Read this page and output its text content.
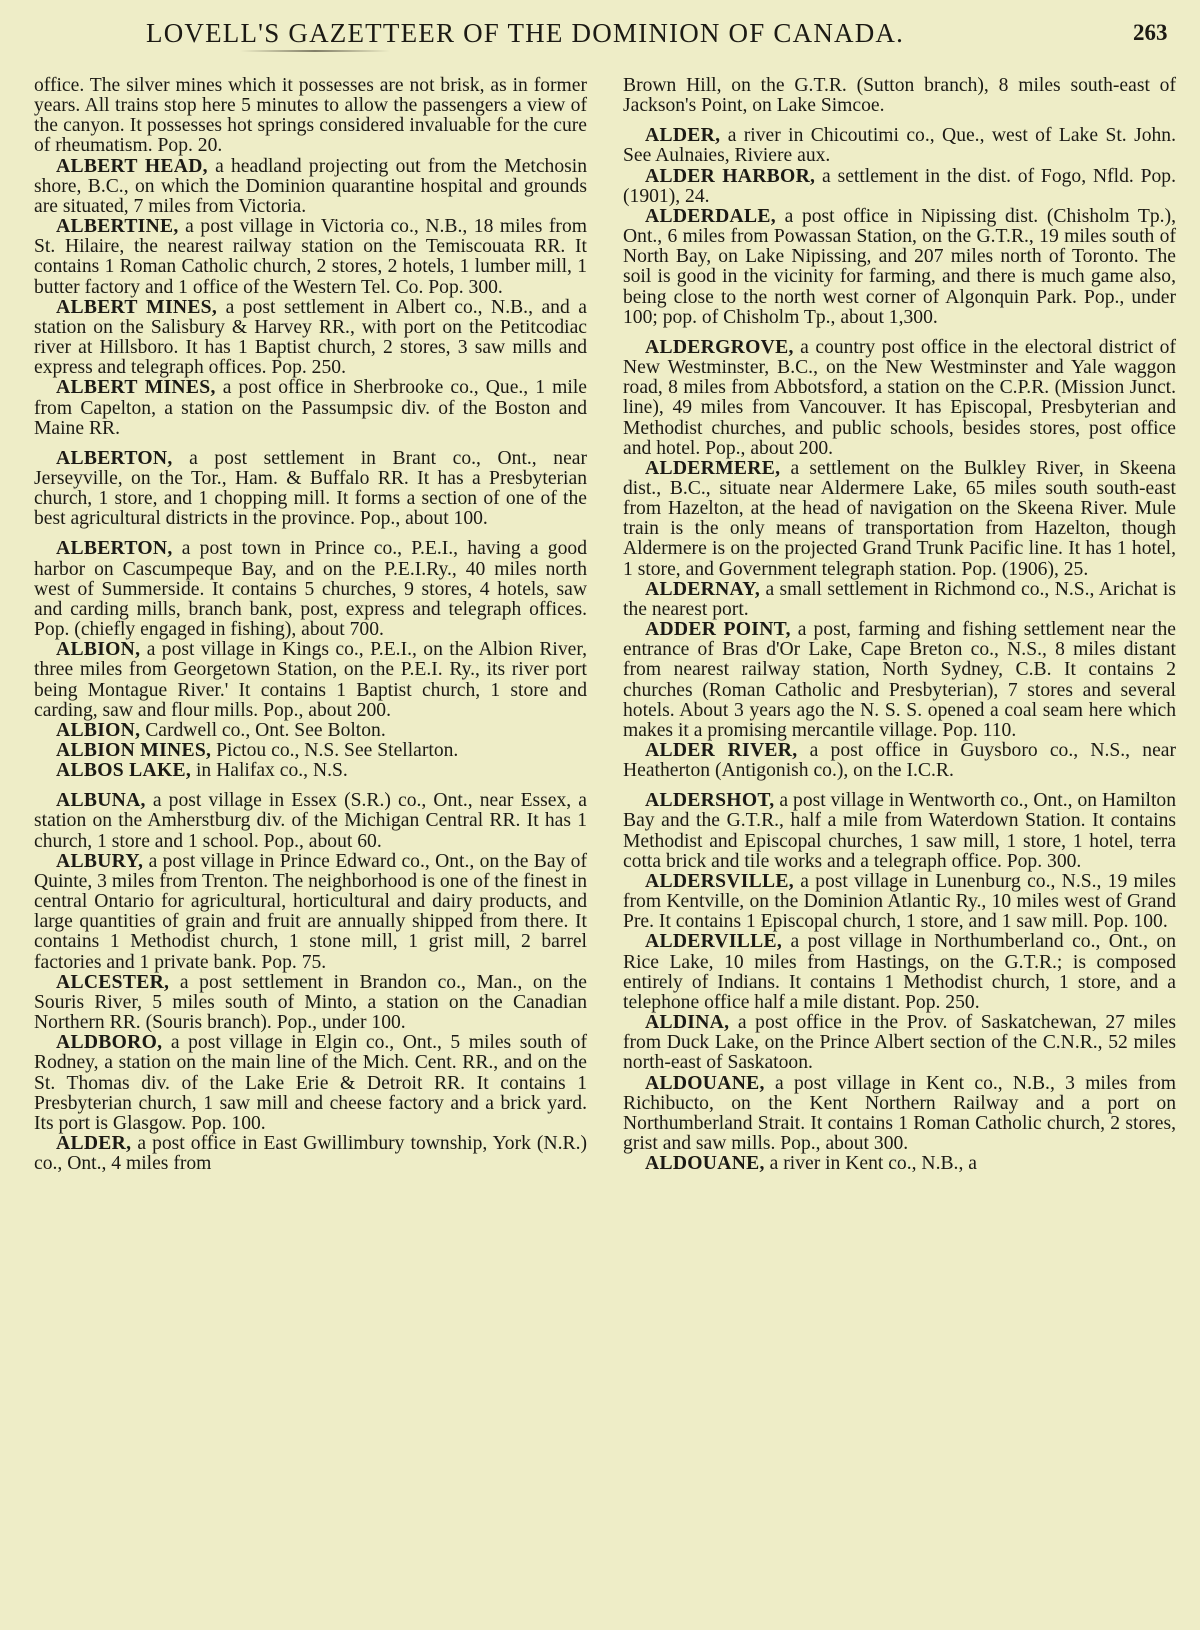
LOVELL'S GAZETTEER OF THE DOMINION OF CANADA.	263

office. The silver mines which it possesses are not brisk, as in former years. All trains stop here 5 minutes to allow the passengers a view of the canyon. It possesses hot springs considered invaluable for the cure of rheumatism. Pop. 20.

ALBERT HEAD, a headland projecting out from the Metchosin shore, B.C., on which the Dominion quarantine hospital and grounds are situated, 7 miles from Victoria.

ALBERTINE, a post village in Victoria co., N.B., 18 miles from St. Hilaire, the nearest railway station on the Temiscouata RR. It contains 1 Roman Catholic church, 2 stores, 2 hotels, 1 lumber mill, 1 butter factory and 1 office of the Western Tel. Co. Pop. 300.

ALBERT MINES, a post settlement in Albert co., N.B., and a station on the Salisbury & Harvey RR., with port on the Petitcodiac river at Hillsboro. It has 1 Baptist church, 2 stores, 3 saw mills and express and telegraph offices. Pop. 250.

ALBERT MINES, a post office in Sherbrooke co., Que., 1 mile from Capelton, a station on the Passumpsic div. of the Boston and Maine RR.

ALBERTON, a post settlement in Brant co., Ont., near Jerseyville, on the Tor., Ham. & Buffalo RR. It has a Presbyterian church, 1 store, and 1 chopping mill. It forms a section of one of the best agricultural districts in the province. Pop., about 100.

ALBERTON, a post town in Prince co., P.E.I., having a good harbor on Cascumpeque Bay, and on the P.E.I.Ry., 40 miles north west of Summerside. It contains 5 churches, 9 stores, 4 hotels, saw and carding mills, branch bank, post, express and telegraph offices. Pop. (chiefly engaged in fishing), about 700.

ALBION, a post village in Kings co., P.E.I., on the Albion River, three miles from Georgetown Station, on the P.E.I. Ry., its river port being Montague River.' It contains 1 Baptist church, 1 store and carding, saw and flour mills. Pop., about 200.

ALBION, Cardwell co., Ont. See Bolton.

ALBION MINES, Pictou co., N.S. See Stellarton.

ALBOS LAKE, in Halifax co., N.S.

ALBUNA, a post village in Essex (S.R.) co., Ont., near Essex, a station on the Amherstburg div. of the Michigan Central RR. It has 1 church, 1 store and 1 school. Pop., about 60.

ALBURY, a post village in Prince Edward co., Ont., on the Bay of Quinte, 3 miles from Trenton. The neighborhood is one of the finest in central Ontario for agricultural, horticultural and dairy products, and large quantities of grain and fruit are annually shipped from there. It contains 1 Methodist church, 1 stone mill, 1 grist mill, 2 barrel factories and 1 private bank. Pop. 75.

ALCESTER, a post settlement in Brandon co., Man., on the Souris River, 5 miles south of Minto, a station on the Canadian Northern RR. (Souris branch). Pop., under 100.

ALDBORO, a post village in Elgin co., Ont., 5 miles south of Rodney, a station on the main line of the Mich. Cent. RR., and on the St. Thomas div. of the Lake Erie & Detroit RR. It contains 1 Presbyterian church, 1 saw mill and cheese factory and a brick yard. Its port is Glasgow. Pop. 100.

ALDER, a post office in East Gwillimbury township, York (N.R.) co., Ont., 4 miles from

Brown Hill, on the G.T.R. (Sutton branch), 8 miles south-east of Jackson's Point, on Lake Simcoe.

ALDER, a river in Chicoutimi co., Que., west of Lake St. John. See Aulnaies, Riviere aux.

ALDER HARBOR, a settlement in the dist. of Fogo, Nfld. Pop. (1901), 24.

ALDERDALE, a post office in Nipissing dist. (Chisholm Tp.), Ont., 6 miles from Powassan Station, on the G.T.R., 19 miles south of North Bay, on Lake Nipissing, and 207 miles north of Toronto. The soil is good in the vicinity for farming, and there is much game also, being close to the north west corner of Algonquin Park. Pop., under 100; pop. of Chisholm Tp., about 1,300.

ALDERGROVE, a country post office in the electoral district of New Westminster, B.C., on the New Westminster and Yale waggon road, 8 miles from Abbotsford, a station on the C.P.R. (Mission Junct. line), 49 miles from Vancouver. It has Episcopal, Presbyterian and Methodist churches, and public schools, besides stores, post office and hotel. Pop., about 200.

ALDERMERE, a settlement on the Bulkley River, in Skeena dist., B.C., situate near Aldermere Lake, 65 miles south south-east from Hazelton, at the head of navigation on the Skeena River. Mule train is the only means of transportation from Hazelton, though Aldermere is on the projected Grand Trunk Pacific line. It has 1 hotel, 1 store, and Government telegraph station. Pop. (1906), 25.

ALDERNAY, a small settlement in Richmond co., N.S., Arichat is the nearest port.

ADDER POINT, a post, farming and fishing settlement near the entrance of Bras d'Or Lake, Cape Breton co., N.S., 8 miles distant from nearest railway station, North Sydney, C.B. It contains 2 churches (Roman Catholic and Presbyterian), 7 stores and several hotels. About 3 years ago the N. S. S. opened a coal seam here which makes it a promising mercantile village. Pop. 110.

ALDER RIVER, a post office in Guysboro co., N.S., near Heatherton (Antigonish co.), on the I.C.R.

ALDERSHOT, a post village in Wentworth co., Ont., on Hamilton Bay and the G.T.R., half a mile from Waterdown Station. It contains Methodist and Episcopal churches, 1 saw mill, 1 store, 1 hotel, terra cotta brick and tile works and a telegraph office. Pop. 300.

ALDERSVILLE, a post village in Lunenburg co., N.S., 19 miles from Kentville, on the Dominion Atlantic Ry., 10 miles west of Grand Pre. It contains 1 Episcopal church, 1 store, and 1 saw mill. Pop. 100.

ALDERVILLE, a post village in Northumberland co., Ont., on Rice Lake, 10 miles from Hastings, on the G.T.R.; is composed entirely of Indians. It contains 1 Methodist church, 1 store, and a telephone office half a mile distant. Pop. 250.

ALDINA, a post office in the Prov. of Saskatchewan, 27 miles from Duck Lake, on the Prince Albert section of the C.N.R., 52 miles north-east of Saskatoon.

ALDOUANE, a post village in Kent co., N.B., 3 miles from Richibucto, on the Kent Northern Railway and a port on Northumberland Strait. It contains 1 Roman Catholic church, 2 stores, grist and saw mills. Pop., about 300.

ALDOUANE, a river in Kent co., N.B., a
